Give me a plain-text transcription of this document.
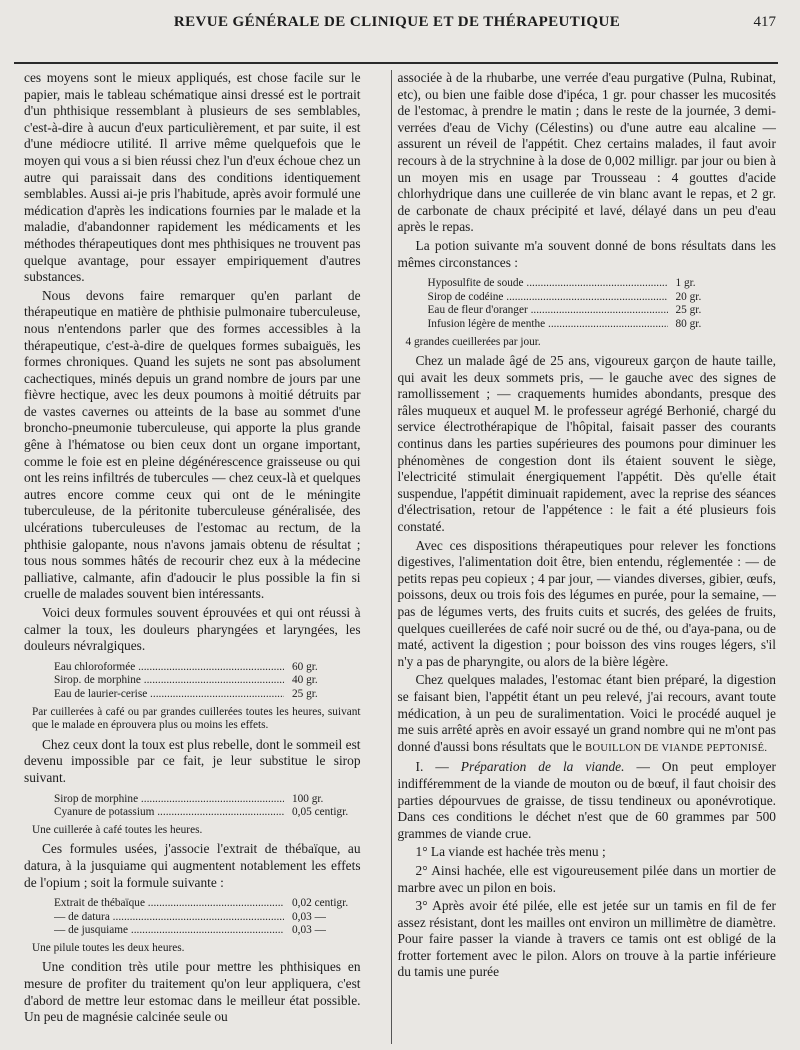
REVUE GÉNÉRALE DE CLINIQUE ET DE THÉRAPEUTIQUE	417

ces moyens sont le mieux appliqués, est chose facile sur le papier, mais le tableau schématique ainsi dressé est le portrait d'un phthisique ressemblant à plusieurs de ses semblables, c'est-à-dire à aucun d'eux particulièrement, et par suite, il est d'une médiocre utilité. Il arrive même quelquefois que le moyen qui vous a si bien réussi chez l'un d'eux échoue chez un autre qui paraissait dans des conditions identiquement semblables. Aussi ai-je pris l'habitude, après avoir formulé une médication d'après les indications fournies par le malade et la maladie, d'abandonner rapidement les médicaments et les méthodes thérapeutiques dont mes phthisiques ne trouvent pas quelque avantage, pour essayer empiriquement d'autres substances.

Nous devons faire remarquer qu'en parlant de thérapeutique en matière de phthisie pulmonaire tuberculeuse, nous n'entendons parler que des formes accessibles à la thérapeutique, c'est-à-dire de quelques formes subaiguës, les formes chroniques. Quand les sujets ne sont pas absolument cachectiques, minés depuis un grand nombre de jours par une fièvre hectique, avec les deux poumons à moitié détruits par de vastes cavernes ou atteints de la base au sommet d'une broncho-pneumonie tuberculeuse, qui apporte la plus grande gêne à l'hématose ou bien ceux dont un organe important, comme le foie est en pleine dégénérescence graisseuse ou qui ont les reins infiltrés de tubercules — chez ceux-là et quelques autres encore comme ceux qui ont de le méningite tuberculeuse, de la péritonite tuberculeuse généralisée, des ulcérations tuberculeuses de l'estomac au rectum, de la phthisie galopante, nous n'avons jamais obtenu de résultat ; tous nous sommes hâtés de recourir chez eux à la médecine palliative, calmante, afin d'adoucir le plus possible la fin si cruelle de malades souvent bien intéressants.

Voici deux formules souvent éprouvées et qui ont réussi à calmer la toux, les douleurs pharyngées et laryngées, les douleurs névralgiques.

Eau chloroformée .....	60 gr.
Sirop. de morphine .....	40 gr.
Eau de laurier-cerise .....	25 gr.

Par cuillerées à café ou par grandes cuillerées toutes les heures, suivant que le malade en éprouvera plus ou moins les effets.

Chez ceux dont la toux est plus rebelle, dont le sommeil est devenu impossible par ce fait, je leur substitue le sirop suivant.

Sirop de morphine .....	100 gr.
Cyanure de potassium .....	0,05 centigr.

Une cuillerée à café toutes les heures.

Ces formules usées, j'associe l'extrait de thébaïque, au datura, à la jusquiame qui augmentent notablement les effets de l'opium ; soit la formule suivante :

Extrait de thébaïque .....	0,02 centigr.
— de datura .....	0,03 —
— de jusquiame .....	0,03 —

Une pilule toutes les deux heures.

Une condition très utile pour mettre les phthisiques en mesure de profiter du traitement qu'on leur appliquera, c'est d'abord de mettre leur estomac dans le meilleur état possible. Un peu de magnésie calcinée seule ou

associée à de la rhubarbe, une verrée d'eau purgative (Pulna, Rubinat, etc), ou bien une faible dose d'ipéca, 1 gr. pour chasser les mucosités de l'estomac, à prendre le matin ; dans le reste de la journée, 3 demi-verrées d'eau de Vichy (Célestins) ou d'une autre eau alcaline — assurent un réveil de l'appétit. Chez certains malades, il faut avoir recours à de la strychnine à la dose de 0,002 milligr. par jour ou bien à un moyen mis en usage par Trousseau : 4 gouttes d'acide chlorhydrique dans une cuillerée de vin blanc avant le repas, et 2 gr. de carbonate de chaux précipité et lavé, délayé dans un peu d'eau après le repas.

La potion suivante m'a souvent donné de bons résultats dans les mêmes circonstances :

Hyposulfite de soude .....	1 gr.
Sirop de codéine .....	20 gr.
Eau de fleur d'oranger .....	25 gr.
Infusion légère de menthe .....	80 gr.

4 grandes cueillerées par jour.

Chez un malade âgé de 25 ans, vigoureux garçon de haute taille, qui avait les deux sommets pris, — le gauche avec des signes de ramollissement ; — craquements humides abondants, presque des râles muqueux et auquel M. le professeur agrégé Berhonié, chargé du service électrothérapique de l'hôpital, faisait passer des courants continus dans les parties supérieures des poumons pour diminuer les phénomènes de congestion dont ils étaient souvent le siège, l'electricité stimulait énergiquement l'appétit. Dès qu'elle était suspendue, l'appétit diminuait rapidement, avec la reprise des séances d'électrisation, retour de l'appétence : le fait a été plusieurs fois constaté.

Avec ces dispositions thérapeutiques pour relever les fonctions digestives, l'alimentation doit être, bien entendu, réglementée : — de petits repas peu copieux ; 4 par jour, — viandes diverses, gibier, œufs, poissons, deux ou trois fois des légumes en purée, pour la semaine, — pas de légumes verts, des fruits cuits et sucrés, des gelées de fruits, quelques cueillerées de café noir sucré ou de thé, ou d'aya-pana, ou de maté, activent la digestion ; pour boisson des vins rouges légers, s'il n'y a pas de pharyngite, ou alors de la bière légère.

Chez quelques malades, l'estomac étant bien préparé, la digestion se faisant bien, l'appétit étant un peu relevé, j'ai recours, avant toute médication, à un peu de suralimentation. Voici le procédé auquel je me suis arrêté après en avoir essayé un grand nombre qui ne m'ont pas donné d'aussi bons résultats que le BOUILLON DE VIANDE PEPTONISÉ.

I. — Préparation de la viande. — On peut employer indifféremment de la viande de mouton ou de bœuf, il faut choisir des parties dépourvues de graisse, de tissu tendineux ou aponévrotique. Dans ces conditions le déchet n'est que de 60 grammes par 500 grammes de viande crue.

1° La viande est hachée très menu ;

2° Ainsi hachée, elle est vigoureusement pilée dans un mortier de marbre avec un pilon en bois.

3° Après avoir été pilée, elle est jetée sur un tamis en fil de fer assez résistant, dont les mailles ont environ un millimètre de diamètre. Pour faire passer la viande à travers ce tamis ont est obligé de la frotter fortement avec le pilon. Alors on trouve à la partie inférieure du tamis une purée
